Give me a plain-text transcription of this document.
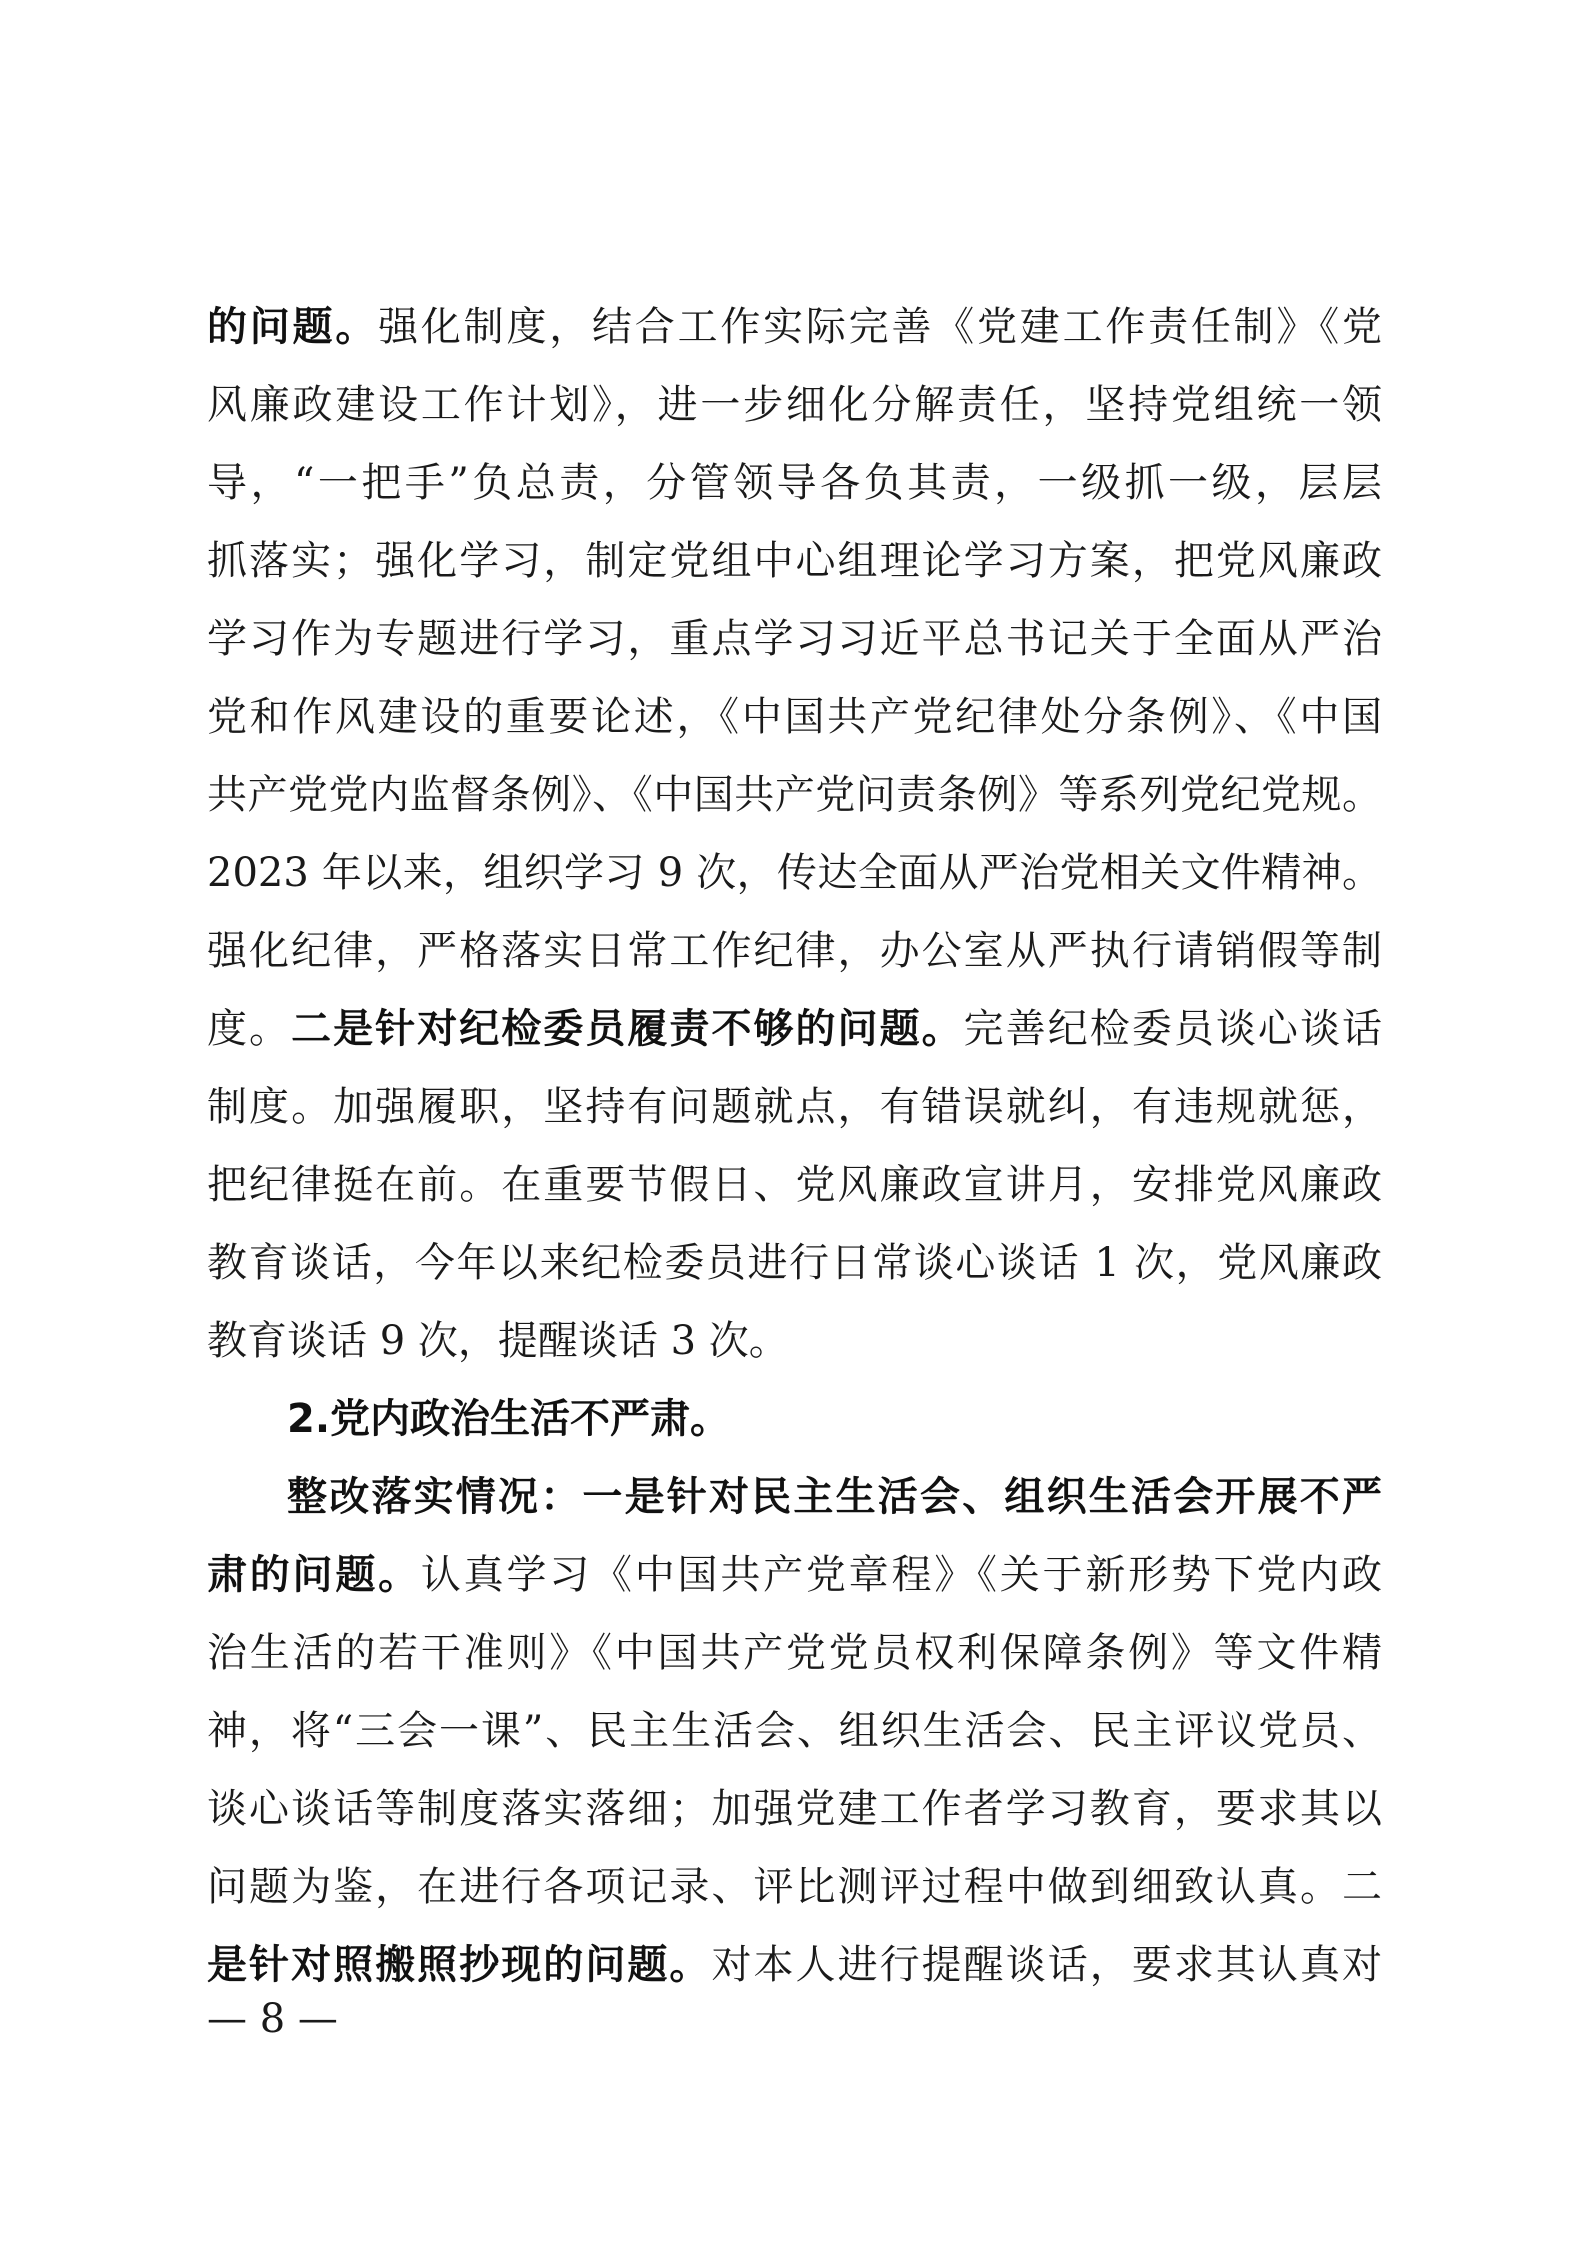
的问题。强化制度，结合工作实际完善《党建工作责任制》《党
风廉政建设工作计划》，进一步细化分解责任，坚持党组统一领
导，“一把手”负总责，分管领导各负其责，一级抓一级，层层
抓落实；强化学习，制定党组中心组理论学习方案，把党风廉政
学习作为专题进行学习，重点学习习近平总书记关于全面从严治
党和作风建设的重要论述，《中国共产党纪律处分条例》、《中国
共产党党内监督条例》、《中国共产党问责条例》等系列党纪党规。
2023 年以来，组织学习 9 次，传达全面从严治党相关文件精神。
强化纪律，严格落实日常工作纪律，办公室从严执行请销假等制
度。二是针对纪检委员履责不够的问题。完善纪检委员谈心谈话
制度。加强履职，坚持有问题就点，有错误就纠，有违规就惩，
把纪律挺在前。在重要节假日、党风廉政宣讲月，安排党风廉政
教育谈话，今年以来纪检委员进行日常谈心谈话 1 次，党风廉政
教育谈话 9 次，提醒谈话 3 次。
2.党内政治生活不严肃。
整改落实情况：一是针对民主生活会、组织生活会开展不严
肃的问题。认真学习《中国共产党章程》《关于新形势下党内政
治生活的若干准则》《中国共产党党员权利保障条例》等文件精
神，将“三会一课”、民主生活会、组织生活会、民主评议党员、
谈心谈话等制度落实落细；加强党建工作者学习教育，要求其以
问题为鉴，在进行各项记录、评比测评过程中做到细致认真。二
是针对照搬照抄现的问题。对本人进行提醒谈话，要求其认真对
— 8 —
